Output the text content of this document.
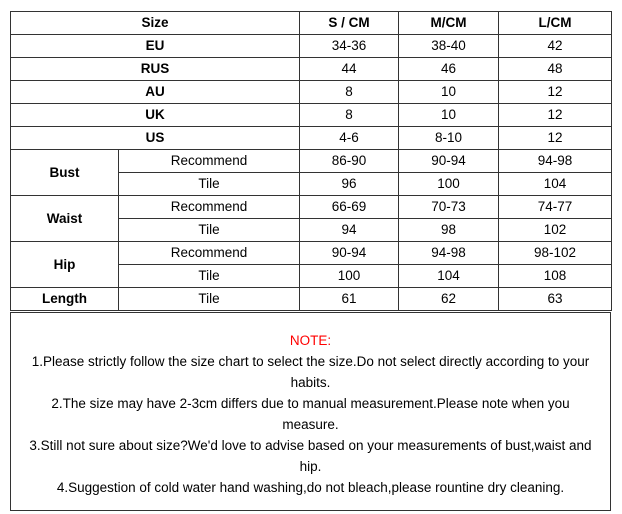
Size		S / CM	M/CM	L/CM
EU		34-36	38-40	42
RUS		44	46	48
AU		8	10	12
UK		8	10	12
US		4-6	8-10	12
Bust	Recommend	86-90	90-94	94-98
	Tile	96	100	104
Waist	Recommend	66-69	70-73	74-77
	Tile	94	98	102
Hip	Recommend	90-94	94-98	98-102
	Tile	100	104	108
Length	Tile	61	62	63

NOTE:

1.Please strictly follow the size chart to select the size.Do not select directly according to your

habits.

2.The size may have 2-3cm differs due to manual measurement.Please note when you

measure.

3.Still not sure about size?We'd love to advise based on your measurements of bust,waist and

hip.

4.Suggestion of cold water hand washing,do not bleach,please rountine dry cleaning.
